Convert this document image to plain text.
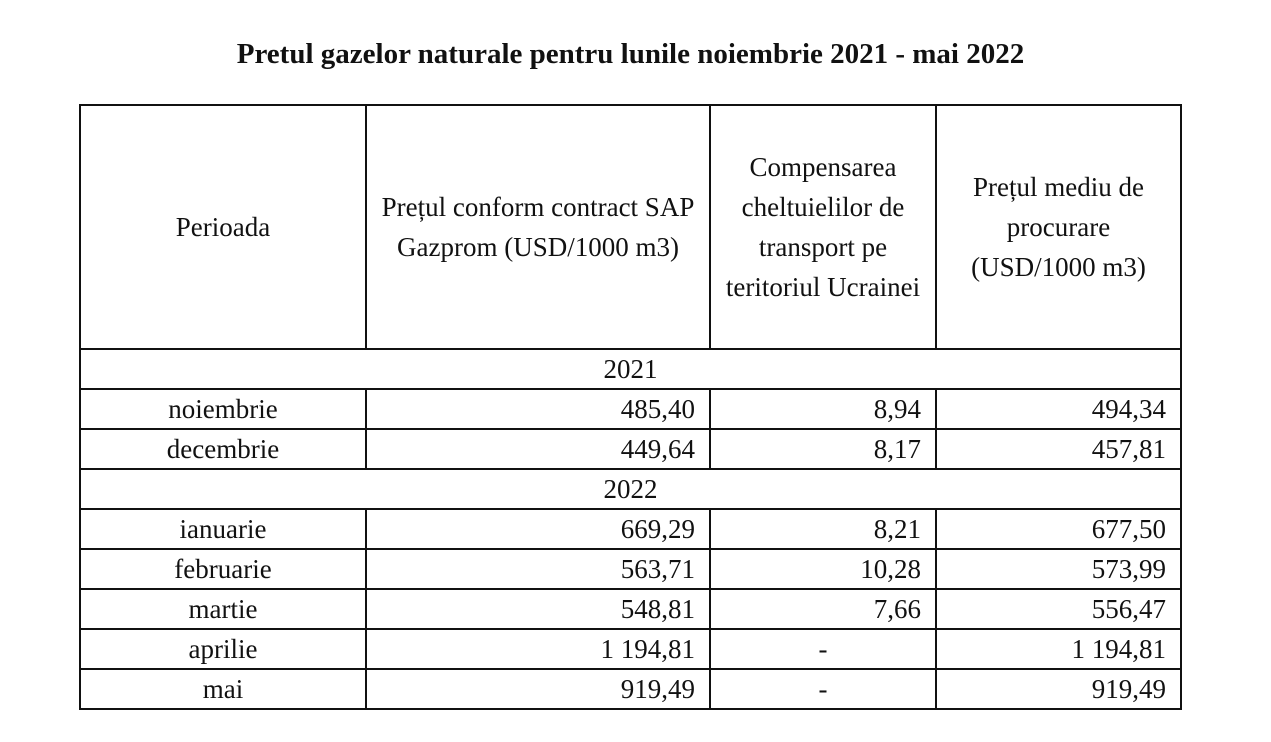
Pretul gazelor naturale pentru lunile noiembrie 2021 - mai 2022
Perioada	Prețul conform contract SAP Gazprom (USD/1000 m3)	Compensarea cheltuielilor de transport pe teritoriul Ucrainei	Prețul mediu de procurare (USD/1000 m3)
2021			
noiembrie	485,40	8,94	494,34
decembrie	449,64	8,17	457,81
2022			
ianuarie	669,29	8,21	677,50
februarie	563,71	10,28	573,99
martie	548,81	7,66	556,47
aprilie	1 194,81	-	1 194,81
mai	919,49	-	919,49
